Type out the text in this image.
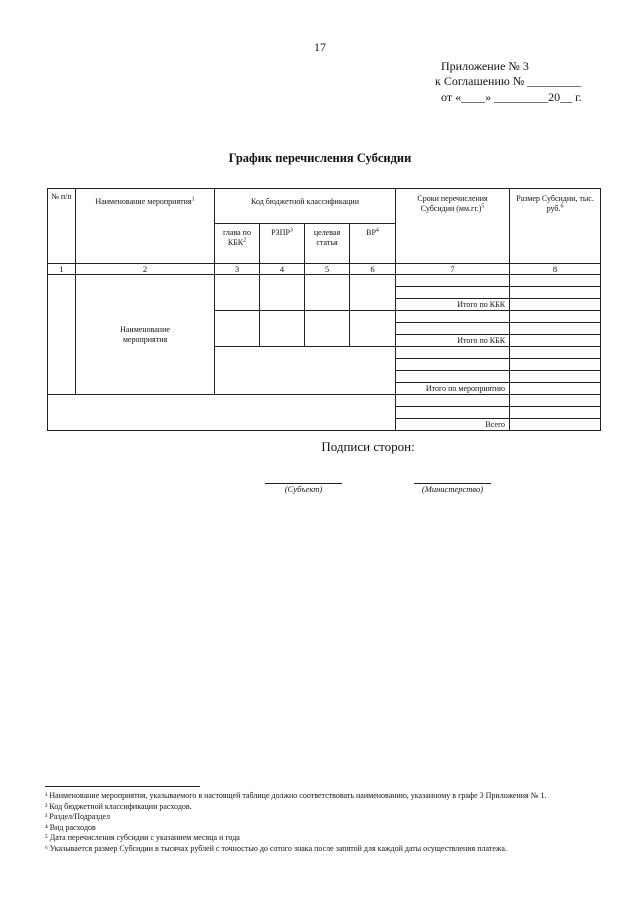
17
Приложение № 3
к Соглашению № _________
от «____» _________20__ г.
График перечисления Субсидии
№ п/п	Наименование мероприятия$^1$	Код бюджетной классификации				Сроки перечисления Субсидии $(мм.гг.)^5$	Размер Субсидии, тыс. руб.$^6$
		глава по КБК$^2$	РЗПР$^3$	целевая статья	$ВР^4$
1	2	3	4	5	6	7	8
	Наименование мероприятия						

						Итого по КБК	

						Итого по КБК	

						Итого по мероприятию	

						Всего	
Подписи сторон:
(Субъект)	(Министерство)

¹ Наименование мероприятия, указываемого в настоящей таблице должно соответствовать наименованию, указанному в графе 3 Приложения № 1.

² Код бюджетной классификации расходов.

³ Раздел/Подраздел

⁴ Вид расходов

⁵ Дата перечисления субсидии с указанием месяца и года

⁶ Указывается размер Субсидии в тысячах рублей с точностью до сотого знака после запятой для каждой даты осуществления платежа.
